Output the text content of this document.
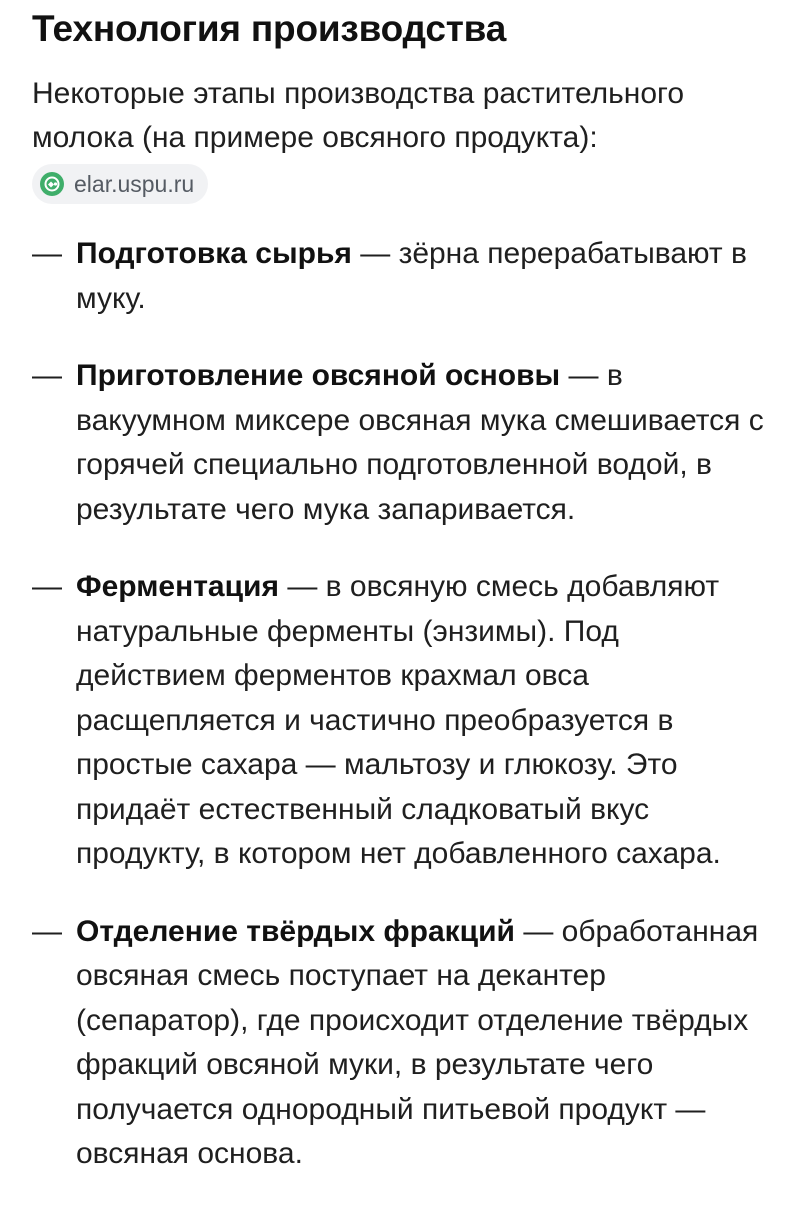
Технология производства

Некоторые этапы производства растительного молока (на примере овсяного продукта):

elar.uspu.ru
— Подготовка сырья — зёрна перерабатывают в муку.
— Приготовление овсяной основы — в вакуумном миксере овсяная мука смешивается с горячей специально подготовленной водой, в результате чего мука запаривается.
— Ферментация — в овсяную смесь добавляют натуральные ферменты (энзимы). Под действием ферментов крахмал овса расщепляется и частично преобразуется в простые сахара — мальтозу и глюкозу. Это придаёт естественный сладковатый вкус продукту, в котором нет добавленного сахара.
— Отделение твёрдых фракций — обработанная овсяная смесь поступает на декантер (сепаратор), где происходит отделение твёрдых фракций овсяной муки, в результате чего получается однородный питьевой продукт — овсяная основа.
